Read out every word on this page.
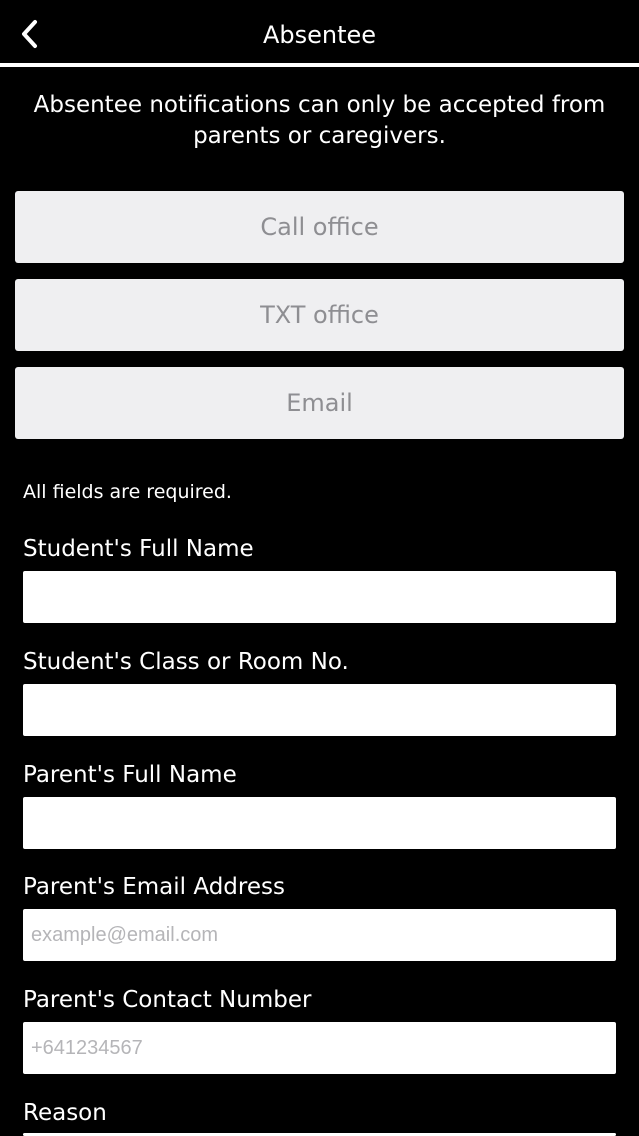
Absentee
Absentee notifications can only be accepted from parents or caregivers.
Call office
TXT office
Email
All fields are required.
Student's Full Name
Student's Class or Room No.
Parent's Full Name
Parent's Email Address
example@email.com
Parent's Contact Number
+641234567
Reason
